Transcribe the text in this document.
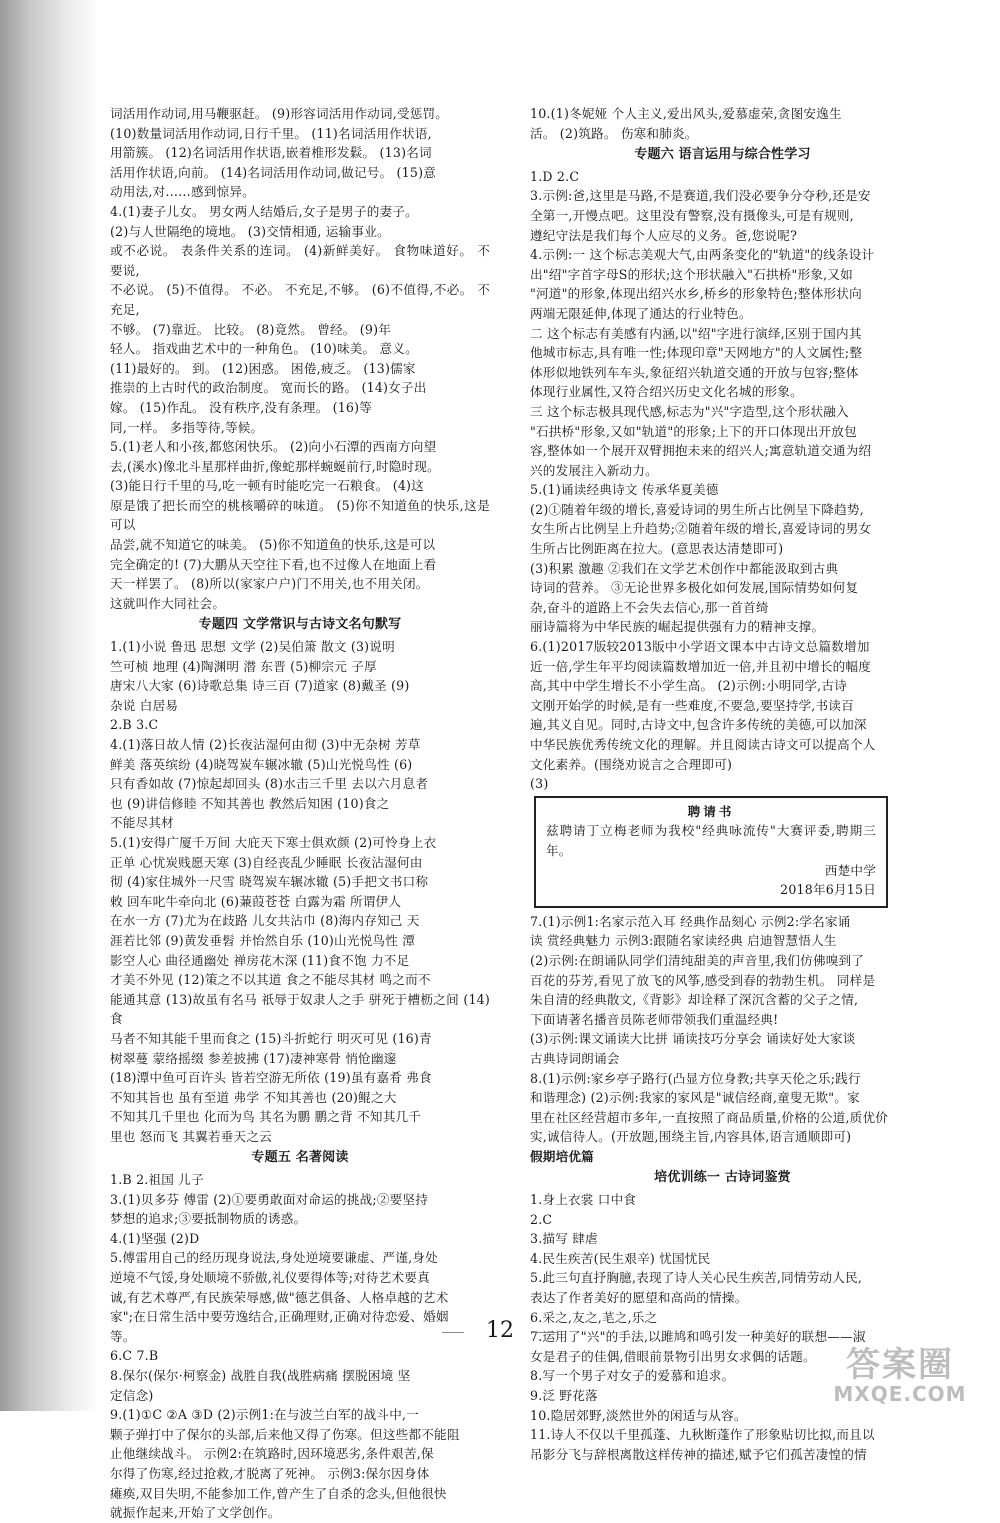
词活用作动词,用马鞭驱赶。 (9)形容词活用作动词,受惩罚。
(10)数量词活用作动词,日行千里。 (11)名词活用作状语,
用箭簇。 (12)名词活用作状语,嵌着椎形发鬏。 (13)名词
活用作状语,向前。 (14)名词活用作动词,做记号。 (15)意
动用法,对……感到惊异。
4.(1)妻子儿女。 男女两人结婚后,女子是男子的妻子。
(2)与人世隔绝的境地。 (3)交情相通, 运输事业。
或不必说。 表条件关系的连词。 (4)新鲜美好。 食物味道好。 不要说,
不必说。 (5)不值得。 不必。 不充足,不够。 (6)不值得,不必。 不充足,
不够。 (7)靠近。 比较。 (8)竟然。 曾经。 (9)年
轻人。 指戏曲艺术中的一种角色。 (10)味美。 意义。
(11)最好的。 到。 (12)困惑。 困倦,疲乏。 (13)儒家
推崇的上古时代的政治制度。 宽而长的路。 (14)女子出
嫁。 (15)作乱。 没有秩序,没有条理。 (16)等
同,一样。 多指等待,等候。
5.(1)老人和小孩,都悠闲快乐。 (2)向小石潭的西南方向望
去,(溪水)像北斗星那样曲折,像蛇那样蜿蜒前行,时隐时现。
(3)能日行千里的马,吃一顿有时能吃完一石粮食。 (4)这
原是饿了把长而空的桃核嚼碎的味道。 (5)你不知道鱼的快乐,这是可以
品尝,就不知道它的味美。 (5)你不知道鱼的快乐,这是可以
完全确定的! (7)大鹏从天空往下看,也不过像人在地面上看
天一样罢了。 (8)所以(家家户户)门不用关,也不用关闭。
这就叫作大同社会。
专题四 文学常识与古诗文名句默写
1.(1)小说 鲁迅 思想 文学 (2)吴伯箫 散文 (3)说明
竺可桢 地理 (4)陶渊明 潜 东晋 (5)柳宗元 子厚
唐宋八大家 (6)诗歌总集 诗三百 (7)道家 (8)戴圣 (9)
杂说 白居易
2.B 3.C
4.(1)落日故人情 (2)长夜沾湿何由彻 (3)中无杂树 芳草
鲜美 落英缤纷 (4)晓驾炭车辗冰辙 (5)山光悦鸟性 (6)
只有香如故 (7)惊起却回头 (8)水击三千里 去以六月息者
也 (9)讲信修睦 不知其善也 教然后知困 (10)食之
不能尽其材
5.(1)安得广厦千万间 大庇天下寒士俱欢颜 (2)可怜身上衣
正单 心忧炭贱愿天寒 (3)自经丧乱少睡眠 长夜沾湿何由
彻 (4)家住城外一尺雪 晓驾炭车辗冰辙 (5)手把文书口称
敕 回车叱牛牵向北 (6)蒹葭苍苍 白露为霜 所谓伊人
在水一方 (7)尤为在歧路 儿女共沾巾 (8)海内存知己 天
涯若比邻 (9)黄发垂髫 并怡然自乐 (10)山光悦鸟性 潭
影空人心 曲径通幽处 禅房花木深 (11)食不饱 力不足
才美不外见 (12)策之不以其道 食之不能尽其材 鸣之而不
能通其意 (13)故虽有名马 祇辱于奴隶人之手 骈死于槽枥之间 (14)食
马者不知其能千里而食之 (15)斗折蛇行 明灭可见 (16)青
树翠蔓 蒙络摇缀 参差披拂 (17)凄神寒骨 悄怆幽邃
(18)潭中鱼可百许头 皆若空游无所依 (19)虽有嘉肴 弗食
不知其旨也 虽有至道 弗学 不知其善也 (20)鲲之大
不知其几千里也 化而为鸟 其名为鹏 鹏之背 不知其几千
里也 怒而飞 其翼若垂天之云
专题五 名著阅读
1.B 2.祖国 儿子
3.(1)贝多芬 傅雷 (2)①要勇敢面对命运的挑战;②要坚持
梦想的追求;③要抵制物质的诱惑。
4.(1)坚强 (2)D
5.傅雷用自己的经历现身说法,身处逆境要谦虚、严谨,身处
逆境不气馁,身处顺境不骄傲,礼仪要得体等;对待艺术要真
诚,有艺术尊严,有民族荣辱感,做"德艺俱备、人格卓越的艺术
家";在日常生活中要劳逸结合,正确理财,正确对待恋爱、婚姻
等。
6.C 7.B
8.保尔(保尔·柯察金) 战胜自我(战胜病痛 摆脱困境 坚
定信念)
9.(1)①C ②A ③D (2)示例1:在与波兰白军的战斗中,一
颗子弹打中了保尔的头部,后来他又得了伤寒。但这些都不能阻
止他继续战斗。 示例2:在筑路时,因环境恶劣,条件艰苦,保
尔得了伤寒,经过抢救,才脱离了死神。 示例3:保尔因身体
瘫痪,双目失明,不能参加工作,曾产生了自杀的念头,但他很快
就振作起来,开始了文学创作。
10.(1)冬妮娅 个人主义,爱出风头,爱慕虚荣,贪图安逸生
活。 (2)筑路。 伤寒和肺炎。
专题六 语言运用与综合性学习
1.D 2.C
3.示例:爸,这里是马路,不是赛道,我们没必要争分夺秒,还是安
全第一,开慢点吧。这里没有警察,没有摄像头,可是有规则,
遵纪守法是我们每个人应尽的义务。爸,您说呢?
4.示例:一 这个标志美观大气,由两条变化的"轨道"的线条设计
出"绍"字首字母S的形状;这个形状融入"石拱桥"形象,又如
"河道"的形象,体现出绍兴水乡,桥乡的形象特色;整体形状向
两端无限延伸,体现了通达的行业特色。
二 这个标志有美感有内涵,以"绍"字进行演绎,区别于国内其
他城市标志,具有唯一性;体现印章"天网地方"的人文属性;整
体形似地铁列车车头,象征绍兴轨道交通的开放与包容;整体
体现行业属性,又符合绍兴历史文化名城的形象。
三 这个标志极具现代感,标志为"兴"字造型,这个形状融入
"石拱桥"形象,又如"轨道"的形象;上下的开口体现出开放包
容,整体如一个展开双臂拥抱未来的绍兴人;寓意轨道交通为绍
兴的发展注入新动力。
5.(1)诵读经典诗文 传承华夏美德
(2)①随着年级的增长,喜爱诗词的男生所占比例呈下降趋势,
女生所占比例呈上升趋势;②随着年级的增长,喜爱诗词的男女
生所占比例距离在拉大。(意思表达清楚即可)
(3)积累 激趣 ②我们在文学艺术创作中都能汲取到古典
诗词的营养。 ③无论世界多极化如何发展,国际情势如何复
杂,奋斗的道路上不会失去信心,那一首首绮
丽诗篇将为中华民族的崛起提供强有力的精神支撑。
6.(1)2017版较2013版中小学语文课本中古诗文总篇数增加
近一倍,学生年平均阅读篇数增加近一倍,并且初中增长的幅度
高,其中中学生增长不小学生高。 (2)示例:小明同学,古诗
文刚开始学的时候,是有一些难度,不要急,要坚持学,书读百
遍,其义自见。同时,古诗文中,包含许多传统的美德,可以加深
中华民族优秀传统文化的理解。并且阅读古诗文可以提高个人
文化素养。(围绕劝说言之合理即可)
(3)
聘请书
兹聘请丁立梅老师为我校"经典咏流传"大赛评委,聘期三年。
西楚中学
2018年6月15日
7.(1)示例1:名家示范入耳 经典作品刻心 示例2:学名家诵
读 赏经典魅力 示例3:跟随名家读经典 启迪智慧悟人生
(2)示例:在朗诵队同学们清纯甜美的声音里,我们仿佛嗅到了
百花的芬芳,看见了放飞的风筝,感受到春的勃勃生机。 同样是
朱自清的经典散文,《背影》却诠释了深沉含蓄的父子之情,
下面请著名播音员陈老师带领我们重温经典!
(3)示例:课文诵读大比拼 诵读技巧分享会 诵读好处大家谈
古典诗词朗诵会
8.(1)示例:家乡亭子路行(凸显方位身教;共享天伦之乐;践行
和谐理念) (2)示例:我家的家风是"诚信经商,童叟无欺"。家
里在社区经营超市多年,一直按照了商品质量,价格的公道,质优价
实,诚信待人。(开放题,围绕主旨,内容具体,语言通顺即可)
假期培优篇
培优训练一 古诗词鉴赏
1.身上衣裳 口中食
2.C
3.描写 肆虐
4.民生疾苦(民生艰辛) 忧国忧民
5.此三句直抒胸臆,表现了诗人关心民生疾苦,同情劳动人民,
表达了作者美好的愿望和高尚的情操。
6.采之,友之,芼之,乐之
7.运用了"兴"的手法,以雎鸠和鸣引发一种美好的联想——淑
女是君子的佳偶,借眼前景物引出男女求偶的话题。
8.写一个男子对女子的爱慕和追求。
9.泛 野花落
10.隐居郊野,淡然世外的闲适与从容。
11.诗人不仅以千里孤蓬、九秋断蓬作了形象贴切比拟,而且以
吊影分飞与辞根离散这样传神的描述,赋予它们孤苦凄惶的情
12
答案圈
MXQE.COM
